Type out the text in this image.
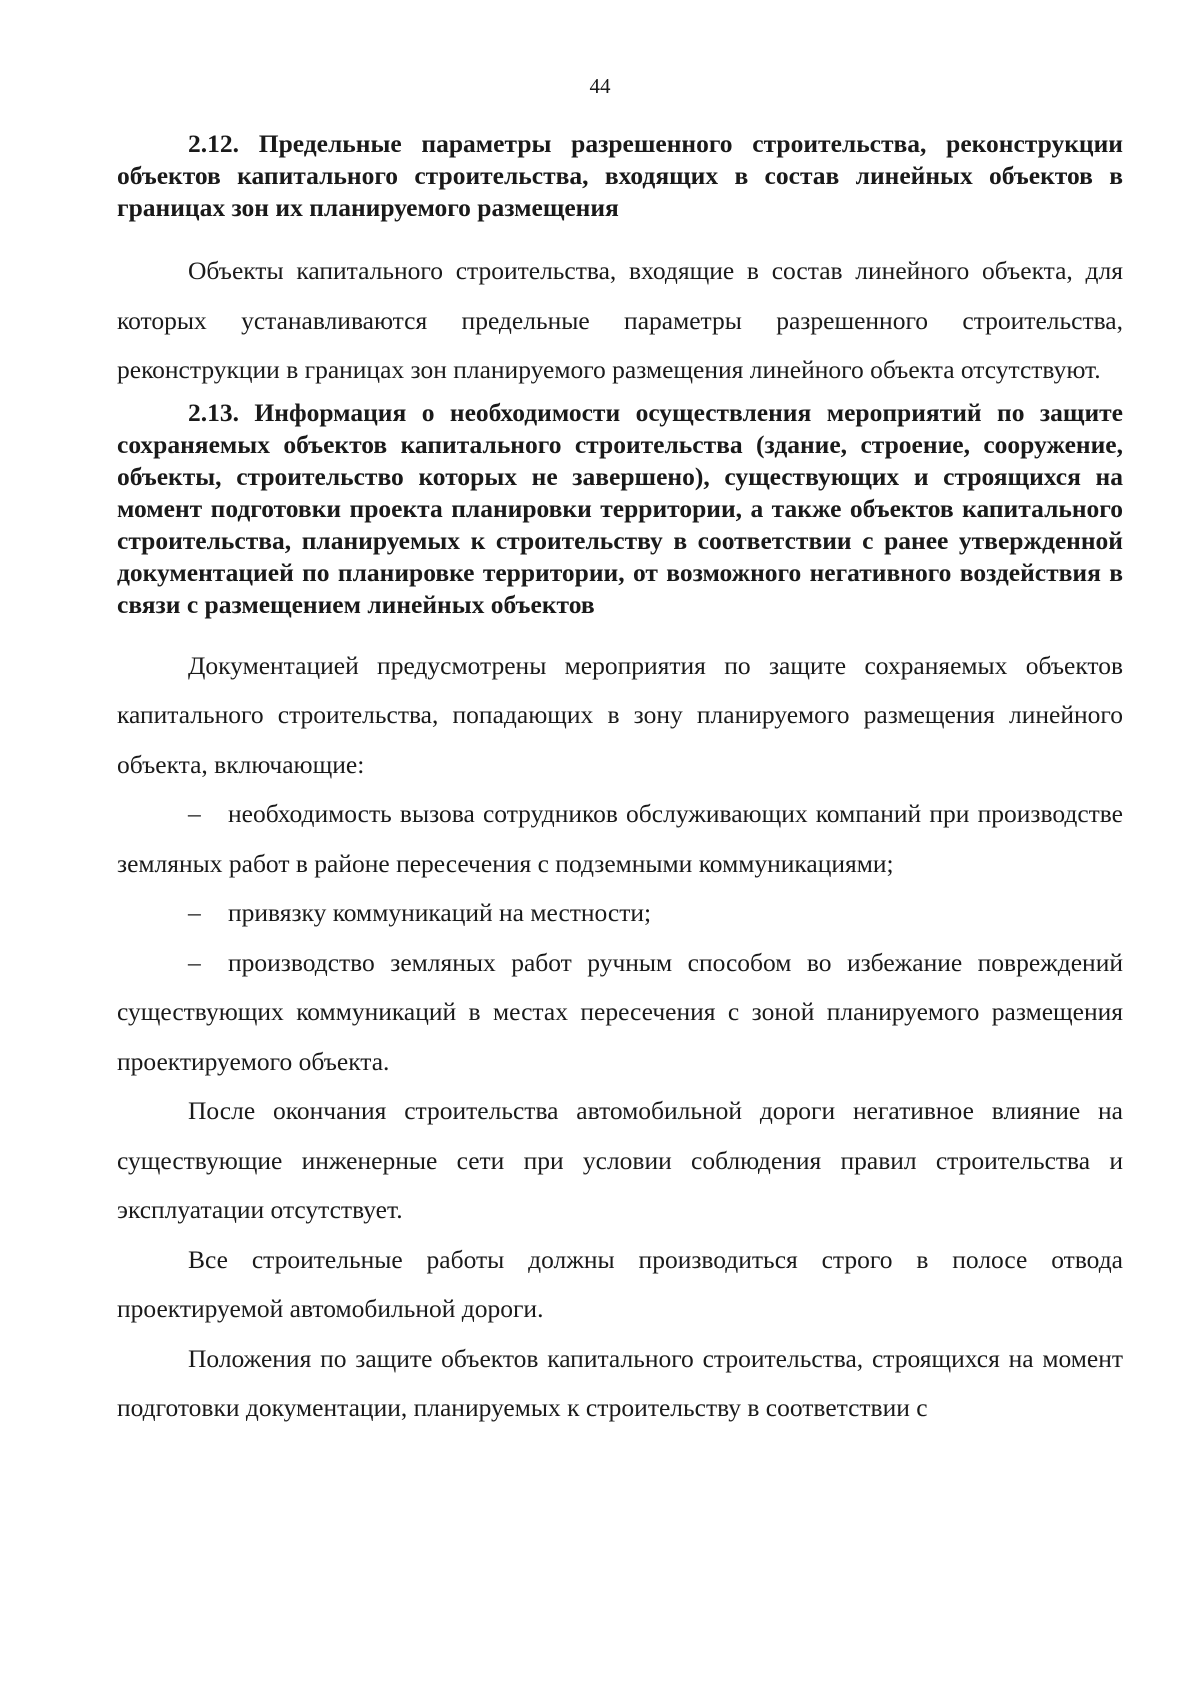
44

2.12. Предельные параметры разрешенного строительства, реконструкции объектов капитального строительства, входящих в состав линейных объектов в границах зон их планируемого размещения

Объекты капитального строительства, входящие в состав линейного объекта, для которых устанавливаются предельные параметры разрешенного строительства, реконструкции в границах зон планируемого размещения линейного объекта отсутствуют.

2.13. Информация о необходимости осуществления мероприятий по защите сохраняемых объектов капитального строительства (здание, строение, сооружение, объекты, строительство которых не завершено), существующих и строящихся на момент подготовки проекта планировки территории, а также объектов капитального строительства, планируемых к строительству в соответствии с ранее утвержденной документацией по планировке территории, от возможного негативного воздействия в связи с размещением линейных объектов

Документацией предусмотрены мероприятия по защите сохраняемых объектов капитального строительства, попадающих в зону планируемого размещения линейного объекта, включающие:

– необходимость вызова сотрудников обслуживающих компаний при производстве земляных работ в районе пересечения с подземными коммуникациями;

– привязку коммуникаций на местности;

– производство земляных работ ручным способом во избежание повреждений существующих коммуникаций в местах пересечения с зоной планируемого размещения проектируемого объекта.

После окончания строительства автомобильной дороги негативное влияние на существующие инженерные сети при условии соблюдения правил строительства и эксплуатации отсутствует.

Все строительные работы должны производиться строго в полосе отвода проектируемой автомобильной дороги.

Положения по защите объектов капитального строительства, строящихся на момент подготовки документации, планируемых к строительству в соответствии с
